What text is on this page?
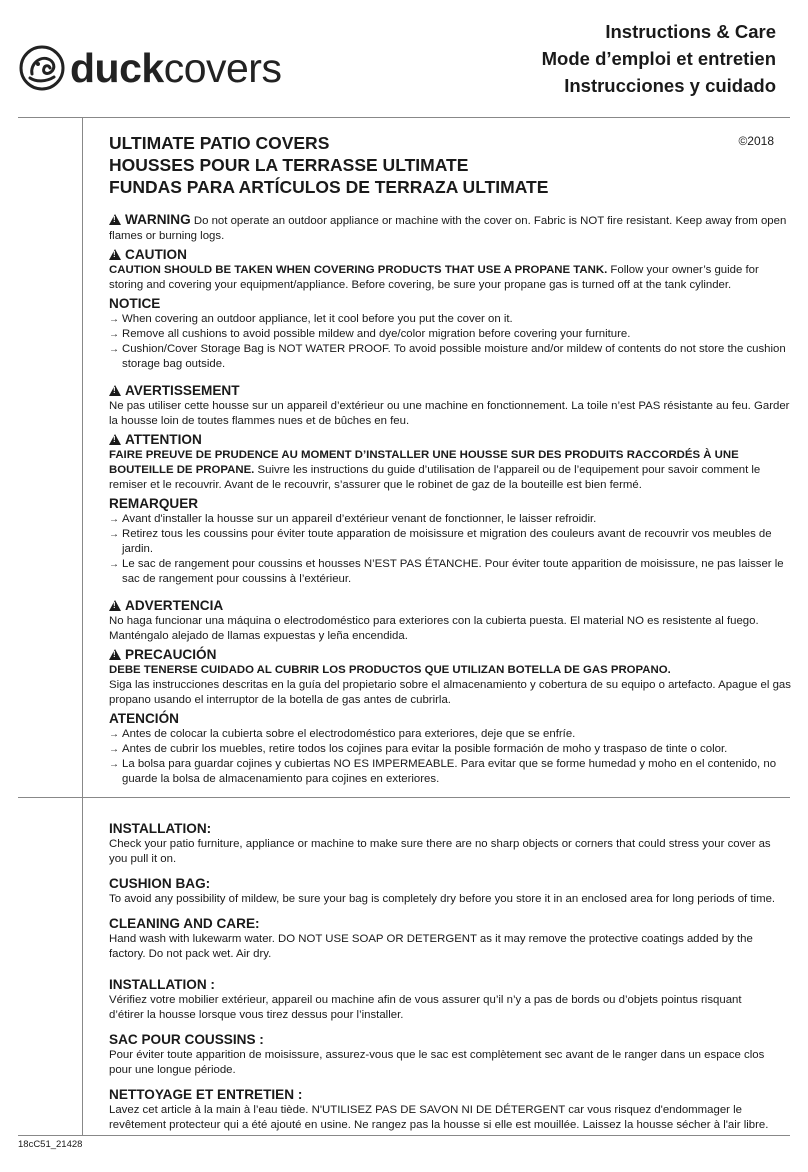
duckcovers
Instructions & Care
Mode d’emploi et entretien
Instrucciones y cuidado
©2018
ULTIMATE PATIO COVERS
HOUSSES POUR LA TERRASSE ULTIMATE
FUNDAS PARA ARTÍCULOS DE TERRAZA ULTIMATE
!WARNING Do not operate an outdoor appliance or machine with the cover on. Fabric is NOT fire resistant. Keep away from open flames or burning logs.
!CAUTION
CAUTION SHOULD BE TAKEN WHEN COVERING PRODUCTS THAT USE A PROPANE TANK. Follow your owner’s guide for storing and covering your equipment/appliance. Before covering, be sure your propane gas is turned off at the tank cylinder.
NOTICE
→ When covering an outdoor appliance, let it cool before you put the cover on it.
→ Remove all cushions to avoid possible mildew and dye/color migration before covering your furniture.
→ Cushion/Cover Storage Bag is NOT WATER PROOF. To avoid possible moisture and/or mildew of contents do not store the cushion storage bag outside.
!AVERTISSEMENT
Ne pas utiliser cette housse sur un appareil d’extérieur ou une machine en fonctionnement. La toile n’est PAS résistante au feu. Garder la housse loin de toutes flammes nues et de bûches en feu.
!ATTENTION
FAIRE PREUVE DE PRUDENCE AU MOMENT D’INSTALLER UNE HOUSSE SUR DES PRODUITS RACCORDÉS À UNE BOUTEILLE DE PROPANE. Suivre les instructions du guide d’utilisation de l’appareil ou de l’equipement pour savoir comment le remiser et le recouvrir. Avant de le recouvrir, s’assurer que le robinet de gaz de la bouteille est bien fermé.
REMARQUER
→ Avant d'installer la housse sur un appareil d’extérieur venant de fonctionner, le laisser refroidir.
→ Retirez tous les coussins pour éviter toute apparation de moisissure et migration des couleurs avant de recouvrir vos meubles de jardin.
→ Le sac de rangement pour coussins et housses N’EST PAS ÉTANCHE. Pour éviter toute apparition de moisissure, ne pas laisser le sac de rangement pour coussins à l’extérieur.
!ADVERTENCIA
No haga funcionar una máquina o electrodoméstico para exteriores con la cubierta puesta. El material NO es resistente al fuego. Manténgalo alejado de llamas expuestas y leña encendida.
!PRECAUCIÓN
DEBE TENERSE CUIDADO AL CUBRIR LOS PRODUCTOS QUE UTILIZAN BOTELLA DE GAS PROPANO.
Siga las instrucciones descritas en la guía del propietario sobre el almacenamiento y cobertura de su equipo o artefacto. Apague el gas propano usando el interruptor de la botella de gas antes de cubrirla.
ATENCIÓN
→ Antes de colocar la cubierta sobre el electrodoméstico para exteriores, deje que se enfríe.
→ Antes de cubrir los muebles, retire todos los cojines para evitar la posible formación de moho y traspaso de tinte o color.
→ La bolsa para guardar cojines y cubiertas NO ES IMPERMEABLE. Para evitar que se forme humedad y moho en el contenido, no guarde la bolsa de almacenamiento para cojines en exteriores.
INSTALLATION:
Check your patio furniture, appliance or machine to make sure there are no sharp objects or corners that could stress your cover as you pull it on.
CUSHION BAG:
To avoid any possibility of mildew, be sure your bag is completely dry before you store it in an enclosed area for long periods of time.
CLEANING AND CARE:
Hand wash with lukewarm water. DO NOT USE SOAP OR DETERGENT as it may remove the protective coatings added by the factory. Do not pack wet. Air dry.
INSTALLATION :
Vérifiez votre mobilier extérieur, appareil ou machine afin de vous assurer qu’il n’y a pas de bords ou d’objets pointus risquant d’étirer la housse lorsque vous tirez dessus pour l’installer.
SAC POUR COUSSINS :
Pour éviter toute apparition de moisissure, assurez-vous que le sac est complètement sec avant de le ranger dans un espace clos pour une longue période.
NETTOYAGE ET ENTRETIEN :
Lavez cet article à la main à l’eau tiède. N'UTILISEZ PAS DE SAVON NI DE DÉTERGENT car vous risquez d'endommager le revêtement protecteur qui a été ajouté en usine. Ne rangez pas la housse si elle est mouillée. Laissez la housse sécher à l'air libre.
18cC51_21428
